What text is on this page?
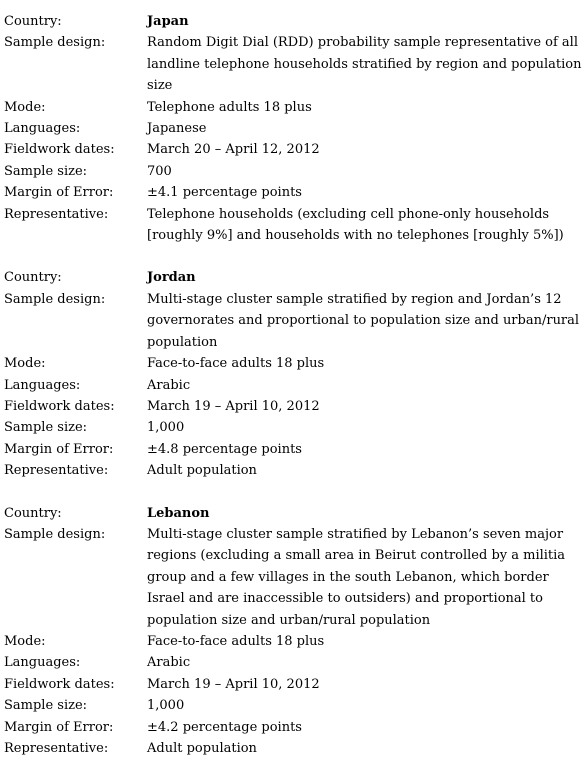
Country:	Japan
Sample design:	Random Digit Dial (RDD) probability sample representative of all landline telephone households stratified by region and population size
Mode:	Telephone adults 18 plus
Languages:	Japanese
Fieldwork dates:	March 20 – April 12, 2012
Sample size:	700
Margin of Error:	±4.1 percentage points
Representative:	Telephone households (excluding cell phone-only households [roughly 9%] and households with no telephones [roughly 5%])
Country:	Jordan
Sample design:	Multi-stage cluster sample stratified by region and Jordan’s 12 governorates and proportional to population size and urban/rural population
Mode:	Face-to-face adults 18 plus
Languages:	Arabic
Fieldwork dates:	March 19 – April 10, 2012
Sample size:	1,000
Margin of Error:	±4.8 percentage points
Representative:	Adult population
Country:	Lebanon
Sample design:	Multi-stage cluster sample stratified by Lebanon’s seven major regions (excluding a small area in Beirut controlled by a militia group and a few villages in the south Lebanon, which border Israel and are inaccessible to outsiders) and proportional to population size and urban/rural population
Mode:	Face-to-face adults 18 plus
Languages:	Arabic
Fieldwork dates:	March 19 – April 10, 2012
Sample size:	1,000
Margin of Error:	±4.2 percentage points
Representative:	Adult population
